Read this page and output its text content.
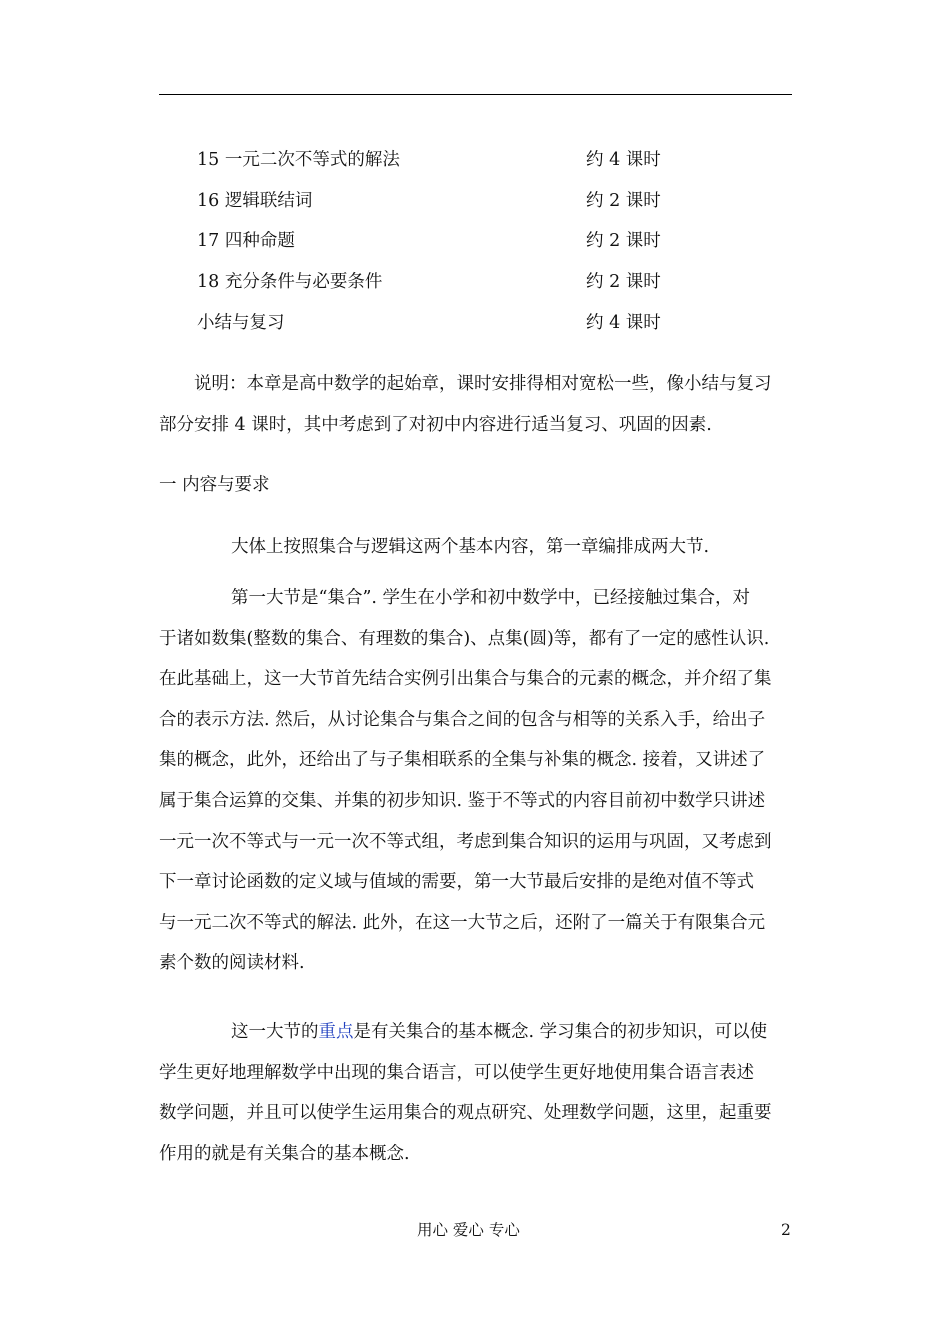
15 一元二次不等式的解法	约 4 课时
16 逻辑联结词	约 2 课时
17 四种命题	约 2 课时
18 充分条件与必要条件	约 2 课时
小结与复习	约 4 课时
说明：本章是高中数学的起始章，课时安排得相对宽松一些，像小结与复习
部分安排 4 课时，其中考虑到了对初中内容进行适当复习、巩固的因素.
一 内容与要求
大体上按照集合与逻辑这两个基本内容，第一章编排成两大节.
第一大节是“集合”. 学生在小学和初中数学中，已经接触过集合，对
于诸如数集(整数的集合、有理数的集合)、点集(圆)等，都有了一定的感性认识.
在此基础上，这一大节首先结合实例引出集合与集合的元素的概念，并介绍了集
合的表示方法. 然后，从讨论集合与集合之间的包含与相等的关系入手，给出子
集的概念，此外，还给出了与子集相联系的全集与补集的概念. 接着，又讲述了
属于集合运算的交集、并集的初步知识. 鉴于不等式的内容目前初中数学只讲述
一元一次不等式与一元一次不等式组，考虑到集合知识的运用与巩固，又考虑到
下一章讨论函数的定义域与值域的需要，第一大节最后安排的是绝对值不等式
与一元二次不等式的解法. 此外，在这一大节之后，还附了一篇关于有限集合元
素个数的阅读材料.
这一大节的重点是有关集合的基本概念. 学习集合的初步知识，可以使
学生更好地理解数学中出现的集合语言，可以使学生更好地使用集合语言表述
数学问题，并且可以使学生运用集合的观点研究、处理数学问题，这里，起重要
作用的就是有关集合的基本概念.
用心 爱心 专心	2
